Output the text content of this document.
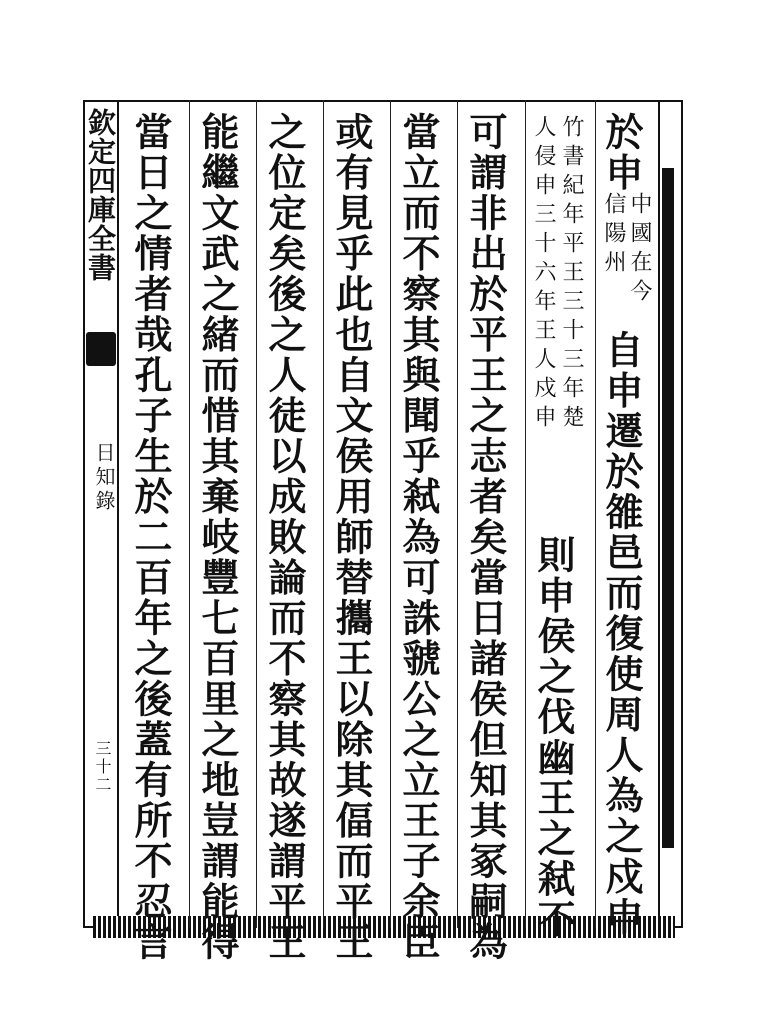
欽定四庫全書
日知錄
三十二
於申
中國在今
信陽州
自申遷於雒邑而復使周人為之戍申
竹書紀年平王三十三年楚
人侵申三十六年王人戍申
則申侯之伐幽王之弒不
可謂非出於平王之志者矣當日諸侯但知其冢嗣為
當立而不察其與聞乎弒為可誅虢公之立王子余臣
或有見乎此也自文侯用師替攜王以除其偪而平王
之位定矣後之人徒以成敗論而不察其故遂謂平王
能繼文武之緒而惜其棄岐豐七百里之地豈謂能得
當日之情者哉孔子生於二百年之後蓋有所不忍言
